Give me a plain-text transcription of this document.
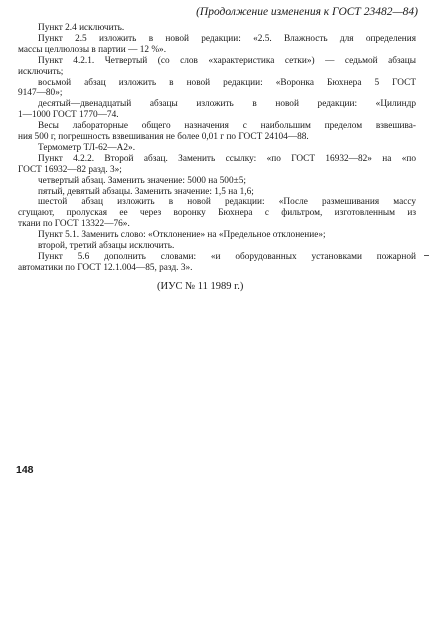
(Продолжение изменения к ГОСТ 23482—84)
Пункт 2.4 исключить.
Пункт 2.5 изложить в новой редакции: «2.5. Влажность для определения
массы целлюлозы в партии — 12 %».
Пункт 4.2.1. Четвертый (со слов «характеристика сетки») — седьмой абзацы
исключить;
восьмой абзац изложить в новой редакции: «Воронка Бюхнера 5 ГОСТ
9147—80»;
десятый—двенадцатый абзацы изложить в новой редакции: «Цилиндр
1—1000 ГОСТ 1770—74.
Весы лабораторные общего назначения с наибольшим пределом взвешива-
ния 500 г, погрешность взвешивания не более 0,01 г по ГОСТ 24104—88.
Термометр ТЛ-62—А2».
Пункт 4.2.2. Второй абзац. Заменить ссылку: «по ГОСТ 16932—82» на «по
ГОСТ 16932—82 разд. 3»;
четвертый абзац. Заменить значение: 5000 на 500±5;
пятый, девятый абзацы. Заменить значение: 1,5 на 1,6;
шестой абзац изложить в новой редакции: «После размешивания массу
сгущают, пролуская ее через воронку Бюхнера с фильтром, изготовленным из
ткани по ГОСТ 13322—76».
Пункт 5.1. Заменить слово: «Отклонение» на «Предельное отклонение»;
второй, третий абзацы исключить.
Пункт 5.6 дополнить словами: «и оборудованных установками пожарной
автоматики по ГОСТ 12.1.004—85, разд. 3».
(ИУС № 11 1989 г.)
148
